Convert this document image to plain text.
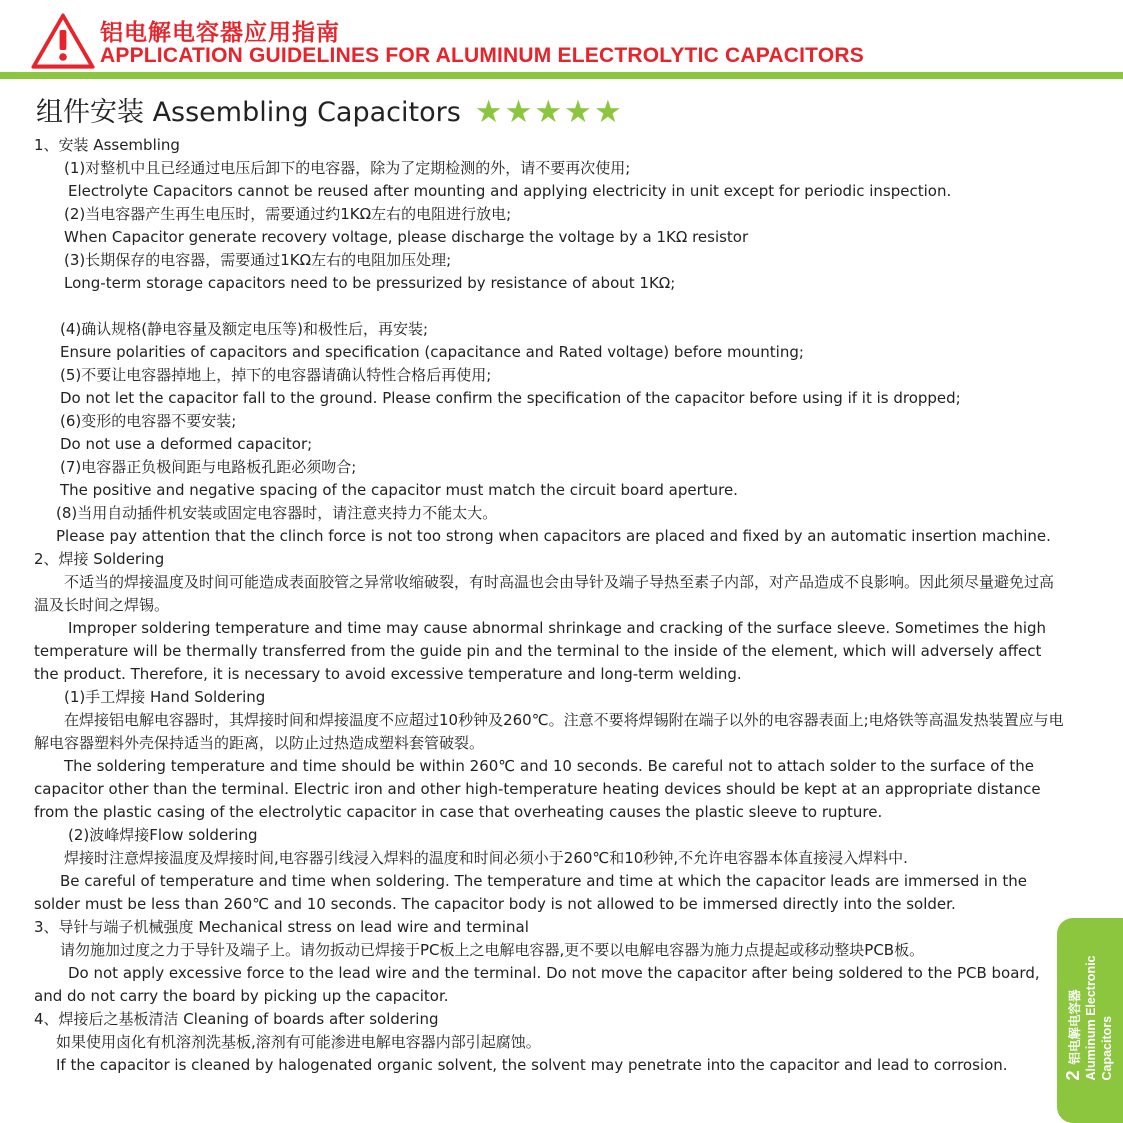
铝电解电容器应用指南
APPLICATION GUIDELINES FOR ALUMINUM ELECTROLYTIC CAPACITORS
组件安装 Assembling Capacitors ★★★★★
1、安装 Assembling
(1)对整机中且已经通过电压后卸下的电容器，除为了定期检测的外，请不要再次使用;
Electrolyte Capacitors cannot be reused after mounting and applying electricity in unit except for periodic inspection.
(2)当电容器产生再生电压时，需要通过约1KΩ左右的电阻进行放电;
When Capacitor generate recovery voltage, please discharge the voltage by a 1KΩ resistor
(3)长期保存的电容器，需要通过1KΩ左右的电阻加压处理;
Long-term storage capacitors need to be pressurized by resistance of about 1KΩ;
(4)确认规格(静电容量及额定电压等)和极性后，再安装;
Ensure polarities of capacitors and specification (capacitance and Rated voltage) before mounting;
(5)不要让电容器掉地上，掉下的电容器请确认特性合格后再使用;
Do not let the capacitor fall to the ground. Please confirm the specification of the capacitor before using if it is dropped;
(6)变形的电容器不要安装;
Do not use a deformed capacitor;
(7)电容器正负极间距与电路板孔距必须吻合;
The positive and negative spacing of the capacitor must match the circuit board aperture.
(8)当用自动插件机安装或固定电容器时，请注意夹持力不能太大。
Please pay attention that the clinch force is not too strong when capacitors are placed and fixed by an automatic insertion machine.
2、焊接 Soldering
不适当的焊接温度及时间可能造成表面胶管之异常收缩破裂，有时高温也会由导针及端子导热至素子内部，对产品造成不良影响。因此须尽量避免过高温及长时间之焊锡。
Improper soldering temperature and time may cause abnormal shrinkage and cracking of the surface sleeve. Sometimes the high temperature will be thermally transferred from the guide pin and the terminal to the inside of the element, which will adversely affect the product. Therefore, it is necessary to avoid excessive temperature and long-term welding.
(1)手工焊接 Hand Soldering
在焊接铝电解电容器时，其焊接时间和焊接温度不应超过10秒钟及260℃。注意不要将焊锡附在端子以外的电容器表面上;电烙铁等高温发热装置应与电解电容器塑料外壳保持适当的距离，以防止过热造成塑料套管破裂。
The soldering temperature and time should be within 260℃ and 10 seconds. Be careful not to attach solder to the surface of the capacitor other than the terminal. Electric iron and other high-temperature heating devices should be kept at an appropriate distance from the plastic casing of the electrolytic capacitor in case that overheating causes the plastic sleeve to rupture.
(2)波峰焊接Flow soldering
焊接时注意焊接温度及焊接时间,电容器引线浸入焊料的温度和时间必须小于260℃和10秒钟,不允许电容器本体直接浸入焊料中.
Be careful of temperature and time when soldering. The temperature and time at which the capacitor leads are immersed in the solder must be less than 260℃ and 10 seconds. The capacitor body is not allowed to be immersed directly into the solder.
3、导针与端子机械强度 Mechanical stress on lead wire and terminal
请勿施加过度之力于导针及端子上。请勿扳动已焊接于PC板上之电解电容器,更不要以电解电容器为施力点提起或移动整块PCB板。
Do not apply excessive force to the lead wire and the terminal. Do not move the capacitor after being soldered to the PCB board, and do not carry the board by picking up the capacitor.
4、焊接后之基板清洁 Cleaning of boards after soldering
如果使用卤化有机溶剂洗基板,溶剂有可能渗进电解电容器内部引起腐蚀。
If the capacitor is cleaned by halogenated organic solvent, the solvent may penetrate into the capacitor and lead to corrosion.
2铝电解电容器 Aluminum Electronic Capacitors
